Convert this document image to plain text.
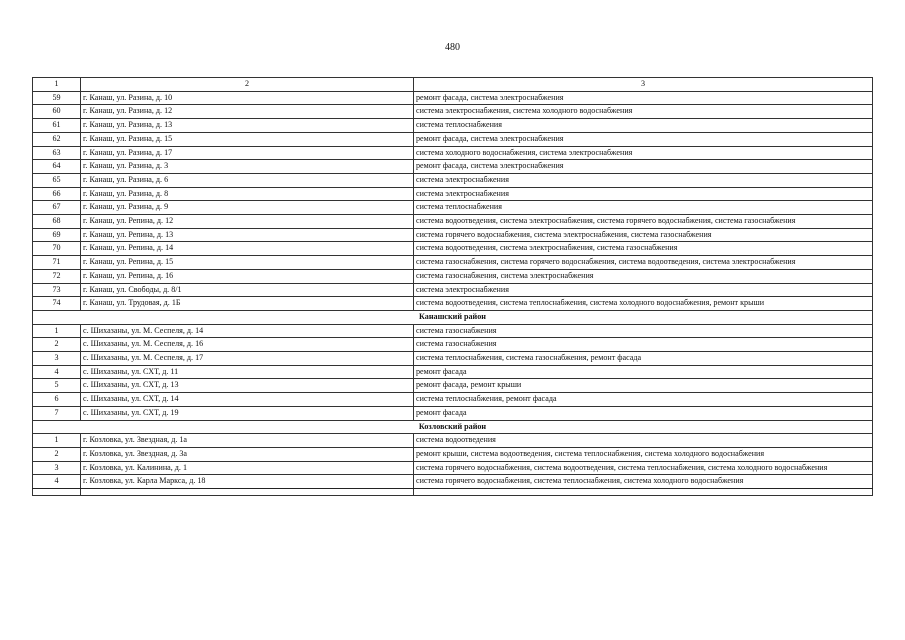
480
1	2	3
59	г. Канаш, ул. Разина, д. 10	ремонт фасада, система электроснабжения
60	г. Канаш, ул. Разина, д. 12	система электроснабжения, система холодного водоснабжения
61	г. Канаш, ул. Разина, д. 13	система теплоснабжения
62	г. Канаш, ул. Разина, д. 15	ремонт фасада, система электроснабжения
63	г. Канаш, ул. Разина, д. 17	система холодного водоснабжения, система электроснабжения
64	г. Канаш, ул. Разина, д. 3	ремонт фасада, система электроснабжения
65	г. Канаш, ул. Разина, д. 6	система электроснабжения
66	г. Канаш, ул. Разина, д. 8	система электроснабжения
67	г. Канаш, ул. Разина, д. 9	система теплоснабжения
68	г. Канаш, ул. Репина, д. 12	система водоотведения, система электроснабжения, система горячего водоснабжения, система газоснабжения
69	г. Канаш, ул. Репина, д. 13	система горячего водоснабжения, система электроснабжения, система газоснабжения
70	г. Канаш, ул. Репина, д. 14	система водоотведения, система электроснабжения, система газоснабжения
71	г. Канаш, ул. Репина, д. 15	система газоснабжения, система горячего водоснабжения, система водоотведения, система электроснабжения
72	г. Канаш, ул. Репина, д. 16	система газоснабжения, система электроснабжения
73	г. Канаш, ул. Свободы, д. 8/1	система электроснабжения
74	г. Канаш, ул. Трудовая, д. 1Б	система водоотведения, система теплоснабжения, система холодного водоснабжения, ремонт крыши
Канашский район		
1	с. Шихазаны, ул. М. Сеспеля, д. 14	система газоснабжения
2	с. Шихазаны, ул. М. Сеспеля, д. 16	система газоснабжения
3	с. Шихазаны, ул. М. Сеспеля, д. 17	система теплоснабжения, система газоснабжения, ремонт фасада
4	с. Шихазаны, ул. СХТ, д. 11	ремонт фасада
5	с. Шихазаны, ул. СХТ, д. 13	ремонт фасада, ремонт крыши
6	с. Шихазаны, ул. СХТ, д. 14	система теплоснабжения, ремонт фасада
7	с. Шихазаны, ул. СХТ, д. 19	ремонт фасада
Козловский район		
1	г. Козловка, ул. Звездная, д. 1а	система водоотведения
2	г. Козловка, ул. Звездная, д. 3а	ремонт крыши, система водоотведения, система теплоснабжения, система холодного водоснабжения
3	г. Козловка, ул. Калинина, д. 1	система горячего водоснабжения, система водоотведения, система теплоснабжения, система холодного водоснабжения
4	г. Козловка, ул. Карла Маркса, д. 18	система горячего водоснабжения, система теплоснабжения, система холодного водоснабжения
